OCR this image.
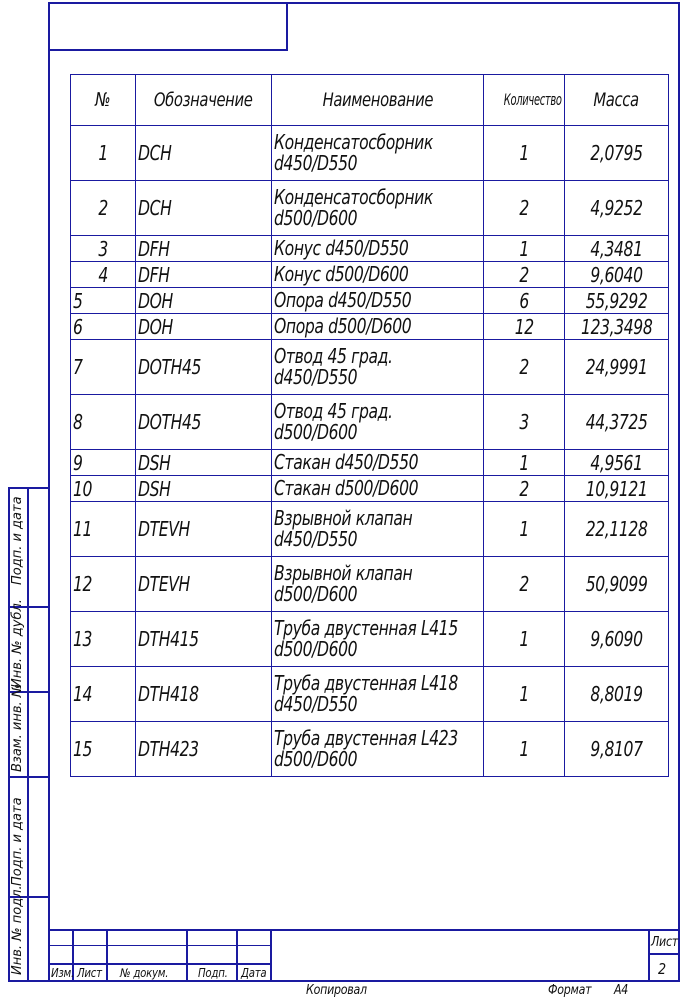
№	Обозначение	Наименование	Количество	Масса
1	DCH	Конденсатосборник d450/D550	1	2,0795
2	DCH	Конденсатосборник d500/D600	2	4,9252
3	DFH	Конус d450/D550	1	4,3481
4	DFH	Конус d500/D600	2	9,6040
5	DOH	Опора d450/D550	6	55,9292
6	DOH	Опора d500/D600	12	123,3498
7	DOTH45	Отвод 45 град. d450/D550	2	24,9991
8	DOTH45	Отвод 45 град. d500/D600	3	44,3725
9	DSH	Стакан d450/D550	1	4,9561
10	DSH	Стакан d500/D600	2	10,9121
11	DTEVH	Взрывной клапан d450/D550	1	22,1128
12	DTEVH	Взрывной клапан d500/D600	2	50,9099
13	DTH415	Труба двустенная L415 d500/D600	1	9,6090
14	DTH418	Труба двустенная L418 d450/D550	1	8,8019
15	DTH423	Труба двустенная L423 d500/D600	1	9,8107
Подп. и дата
Инв. № дубл.
Взам. инв. №
Подп. и дата
Инв. № подл. Изм. Лист № докум. Подп. Дата
Лист
2
Копировал	Формат A4
